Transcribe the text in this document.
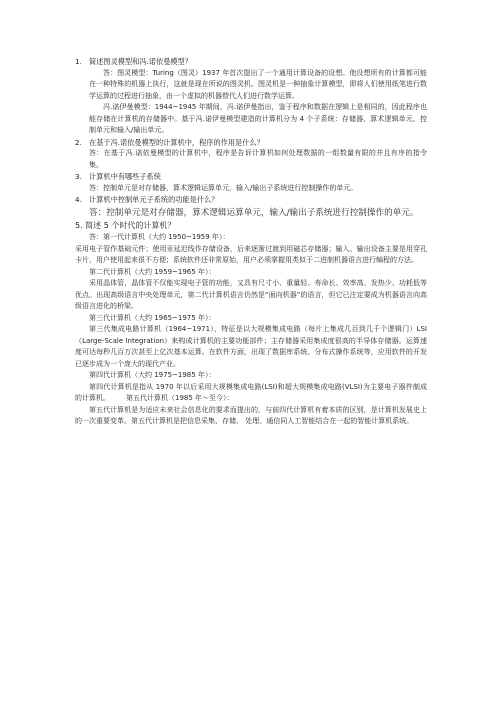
1. 简述图灵模型和冯.诺依曼模型？

答：图灵模型：Turing（图灵）1937 年首次提出了一个通用计算设备的设想。他设想所有的计算都可能在一种特殊的机器上执行，这就是现在所说的图灵机。图灵机是一种抽象计算模型，即将人们使用纸笔进行数学运算的过程进行抽象，由一个虚拟的机器替代人们进行数学运算。

冯.诺伊曼模型：1944~1945 年期间，冯.诺伊曼指出，鉴于程序和数据在逻辑上是相同的，因此程序也能存储在计算机的存储器中。基于冯.诺伊曼模型建造的计算机分为 4 个子系统：存储器、算术逻辑单元、控制单元和输入/输出单元。

2. 在基于冯.诺依曼模型的计算机中，程序的作用是什么？

答：在基于冯.诺依曼模型的计算机中，程序是告诉计算机如何处理数据的一组数量有限的并且有序的指令集。

3. 计算机中有哪些子系统

答：控制单元是对存储器，算术逻辑运算单元，输入/输出子系统进行控制操作的单元。

4. 计算机中控制单元子系统的功能是什么？

答：控制单元是对存储器，算术逻辑运算单元，输入/输出子系统进行控制操作的单元。

5. 简述 5 个时代的计算机？

答：第一代计算机（大约 1950~1959 年）：

采用电子管作基础元件；使用汞延迟线作存储设备，后来逐渐过渡到用磁芯存储器；输入、输出设备主要是用穿孔卡片，用户使用起来很不方便；系统软件还非常原始，用户必须掌握用类似于二进制机器语言进行编程的方法。

第二代计算机（大约 1959~1965 年）：

采用晶体管，晶体管不仅能实现电子管的功能，又具有尺寸小、重量轻、寿命长、效率高、发热少、功耗低等优点。出现高级语言中央处理单元，第二代计算机语言仍然是“面向机器”的语言，但它已注定要成为机器语言向高级语言进化的桥梁。

第三代计算机（大约 1965~1975 年）：

第三代集成电路计算机（1964~1971），特征是以大规模集成电路（每片上集成几百到几千个逻辑门）LSI（Large-Scale Integration）来构成计算机的主要功能部件；主存储器采用集成度很高的半导体存储器。运算速度可达每秒几百万次甚至上亿次基本运算。在软件方面，出现了数据库系统、分布式操作系统等，应用软件的开发已逐步成为一个庞大的现代产业。

第四代计算机（大约 1975~1985 年）：

第四代计算机是指从 1970 年以后采用大规模集成电路(LSI)和超大规模集成电路(VLSI)为主要电子器件制成的计算机。 第五代计算机（1985 年～至今）：

第五代计算机是为适应未来社会信息化的要求而提出的，与前四代计算机有着本质的区别，是计算机发展史上的一次重要变革。第五代计算机是把信息采集、存储、 处理、通信同人工智能结合在一起的智能计算机系统。
